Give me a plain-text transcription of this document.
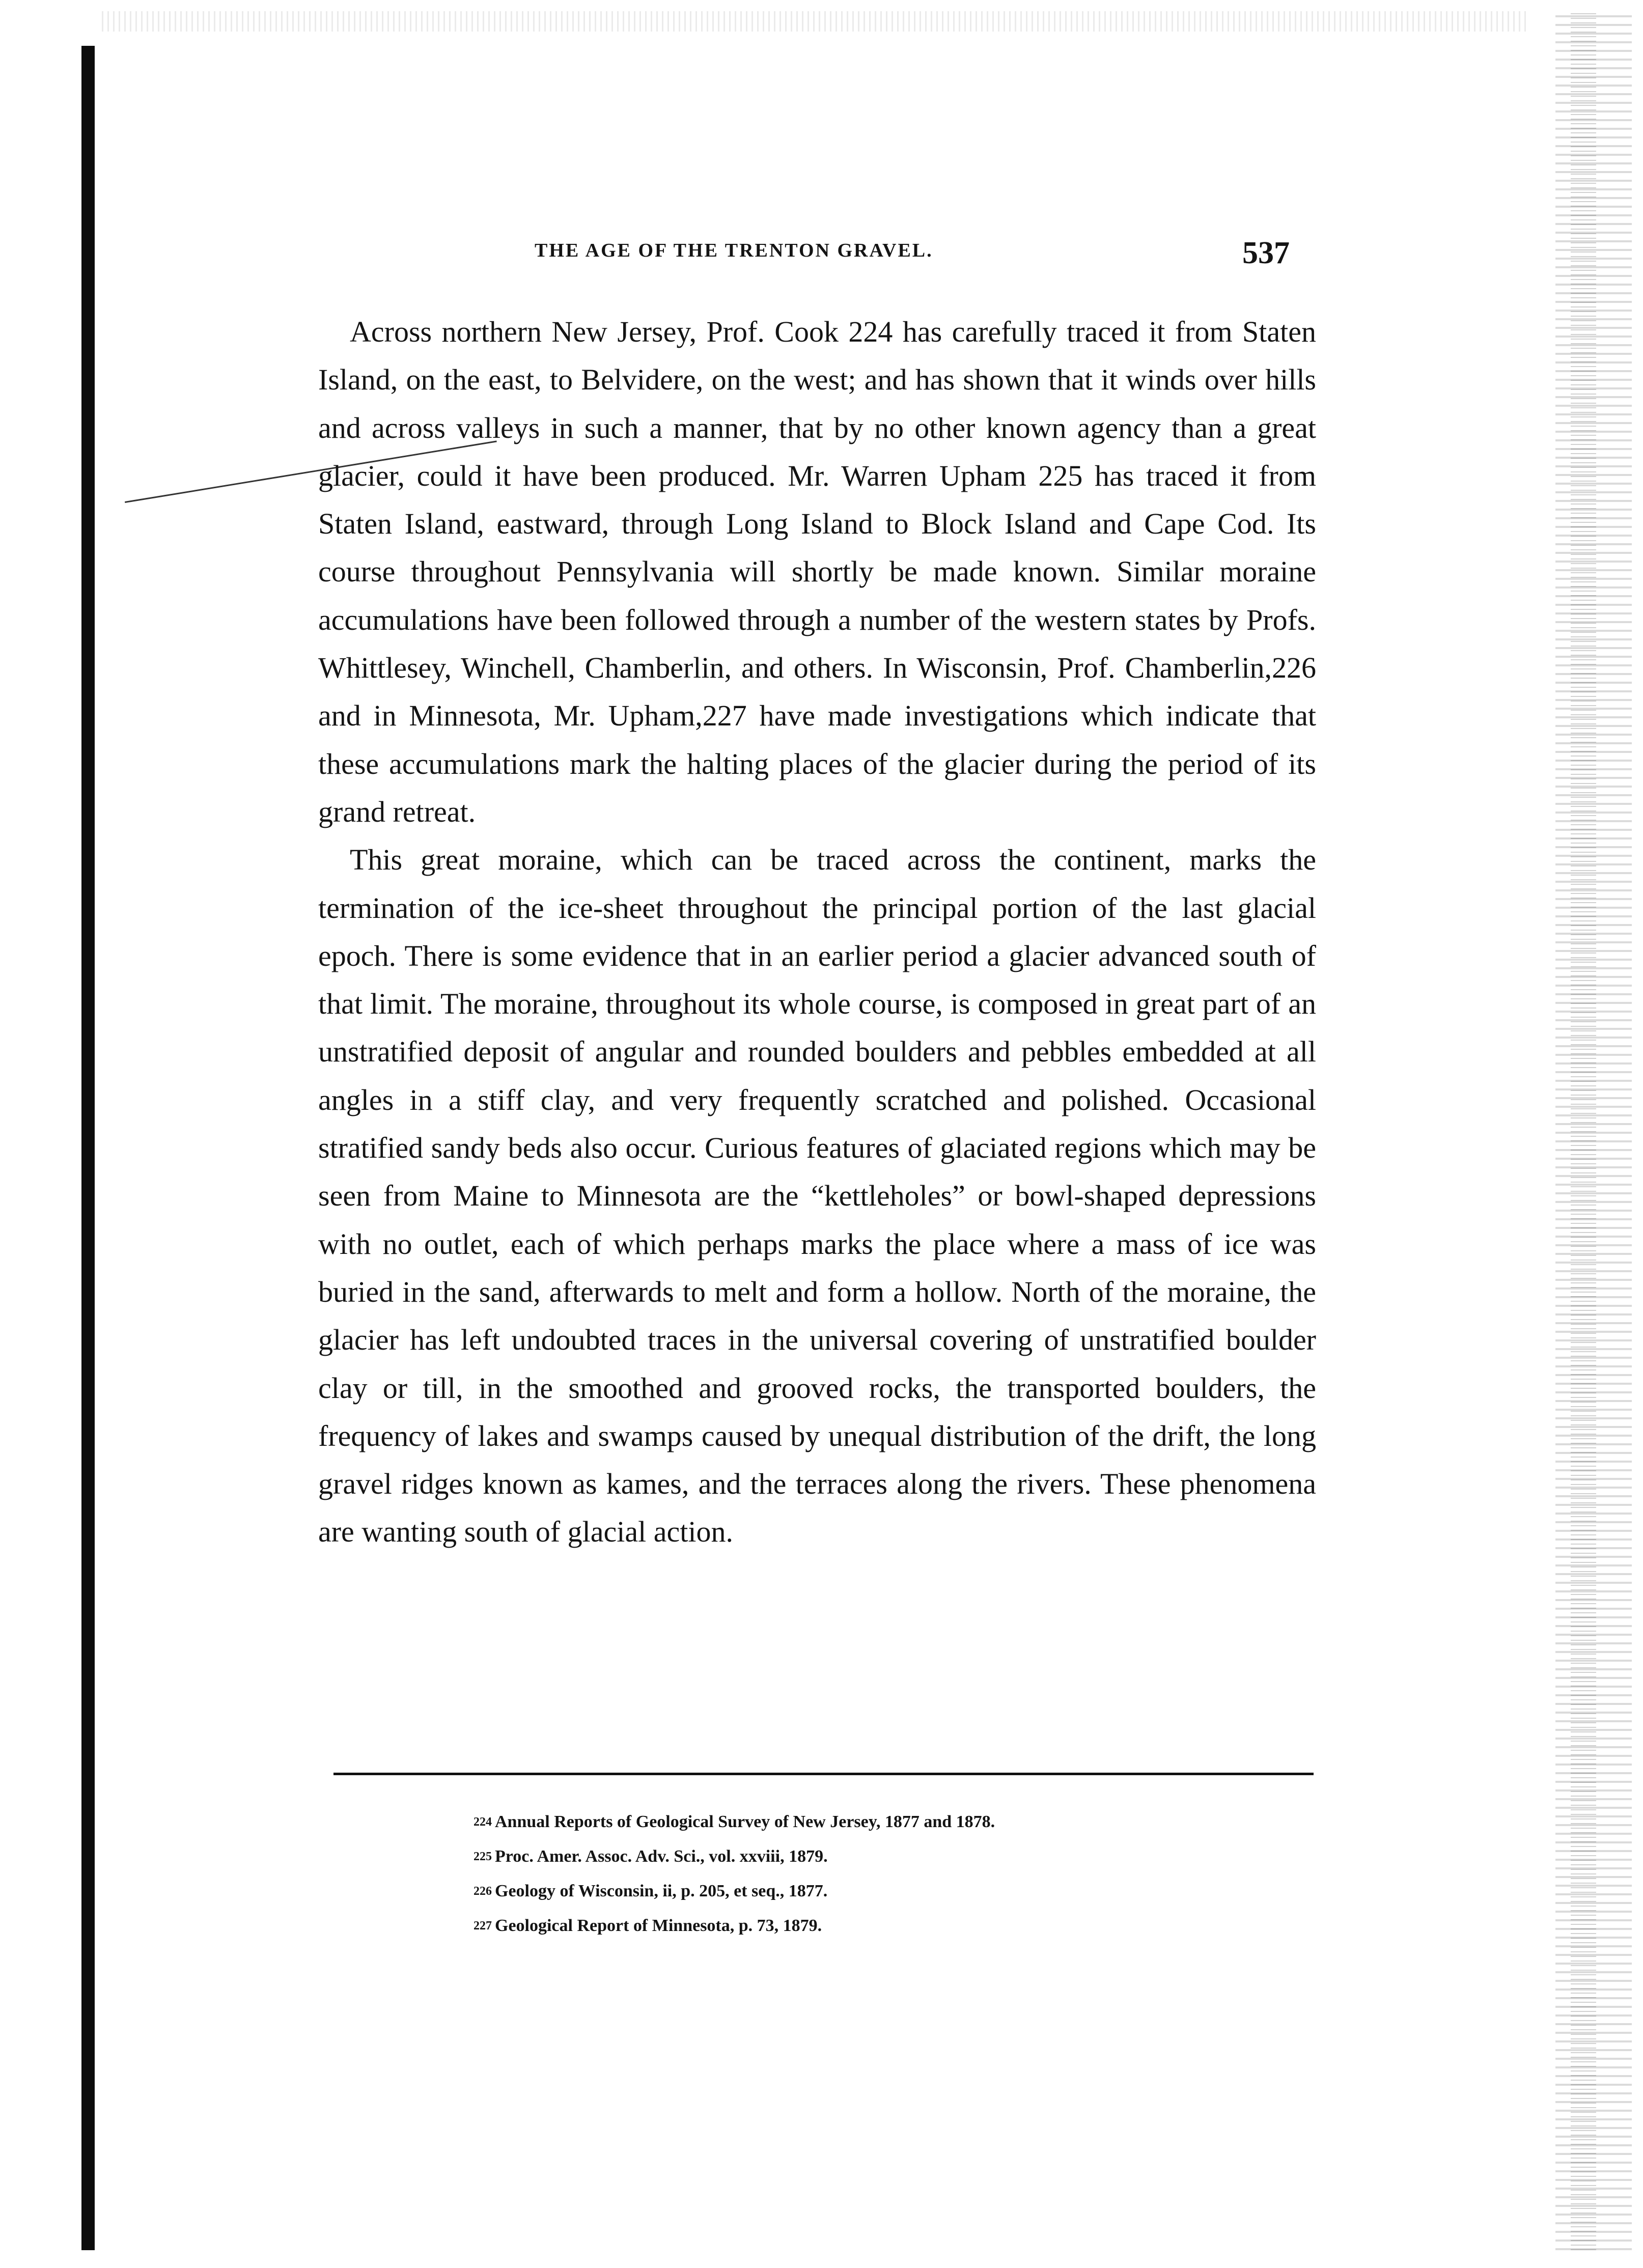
THE AGE OF THE TRENTON GRAVEL.	537

Across northern New Jersey, Prof. Cook 224 has carefully traced it from Staten Island, on the east, to Belvidere, on the west; and has shown that it winds over hills and across valleys in such a manner, that by no other known agency than a great glacier, could it have been produced. Mr. Warren Upham 225 has traced it from Staten Island, eastward, through Long Island to Block Island and Cape Cod. Its course throughout Pennsylvania will shortly be made known. Similar moraine accumulations have been followed through a number of the western states by Profs. Whittlesey, Winchell, Chamberlin, and others. In Wisconsin, Prof. Chamberlin,226 and in Minnesota, Mr. Upham,227 have made investigations which indicate that these accumulations mark the halting places of the glacier during the period of its grand retreat.

This great moraine, which can be traced across the continent, marks the termination of the ice-sheet throughout the principal portion of the last glacial epoch. There is some evidence that in an earlier period a glacier advanced south of that limit. The moraine, throughout its whole course, is composed in great part of an unstratified deposit of angular and rounded boulders and pebbles embedded at all angles in a stiff clay, and very frequently scratched and polished. Occasional stratified sandy beds also occur. Curious features of glaciated regions which may be seen from Maine to Minnesota are the “kettleholes” or bowl-shaped depressions with no outlet, each of which perhaps marks the place where a mass of ice was buried in the sand, afterwards to melt and form a hollow. North of the moraine, the glacier has left undoubted traces in the universal covering of unstratified boulder clay or till, in the smoothed and grooved rocks, the transported boulders, the frequency of lakes and swamps caused by unequal distribution of the drift, the long gravel ridges known as kames, and the terraces along the rivers. These phenomena are wanting south of glacial action.

$^{224}$ Annual Reports of Geological Survey of New Jersey, 1877 and 1878.
$^{225}$ Proc. Amer. Assoc. Adv. Sci., vol. xxviii, 1879.
$^{226}$ Geology of Wisconsin, ii, p. 205, et seq., 1877.
$^{227}$ Geological Report of Minnesota, p. 73, 1879.
